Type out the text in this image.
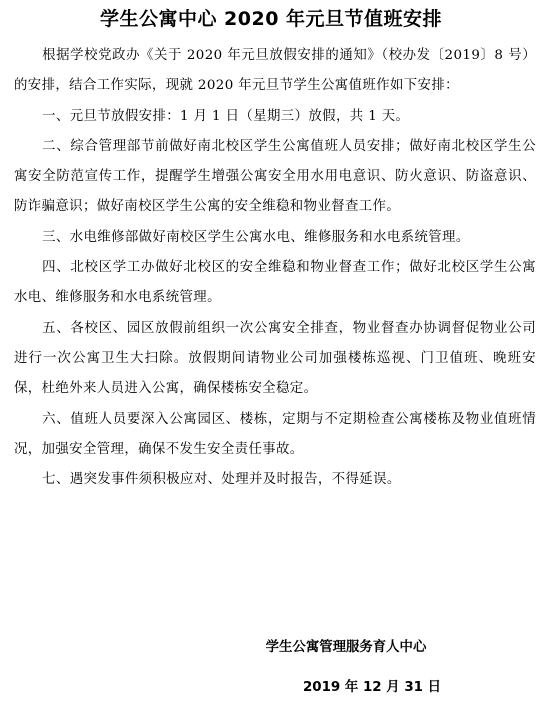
学生公寓中心 2020 年元旦节值班安排

根据学校党政办《关于 2020 年元旦放假安排的通知》（校办发〔2019〕8 号）的安排，结合工作实际，现就 2020 年元旦节学生公寓值班作如下安排：

一、元旦节放假安排：1 月 1 日（星期三）放假，共 1 天。

二、综合管理部节前做好南北校区学生公寓值班人员安排；做好南北校区学生公寓安全防范宣传工作，提醒学生增强公寓安全用水用电意识、防火意识、防盗意识、防诈骗意识；做好南校区学生公寓的安全维稳和物业督查工作。

三、水电维修部做好南校区学生公寓水电、维修服务和水电系统管理。

四、北校区学工办做好北校区的安全维稳和物业督查工作；做好北校区学生公寓水电、维修服务和水电系统管理。

五、各校区、园区放假前组织一次公寓安全排查，物业督查办协调督促物业公司进行一次公寓卫生大扫除。放假期间请物业公司加强楼栋巡视、门卫值班、晚班安保，杜绝外来人员进入公寓，确保楼栋安全稳定。

六、值班人员要深入公寓园区、楼栋，定期与不定期检查公寓楼栋及物业值班情况，加强安全管理，确保不发生安全责任事故。

七、遇突发事件须积极应对、处理并及时报告，不得延误。

学生公寓管理服务育人中心
2019 年 12 月 31 日
